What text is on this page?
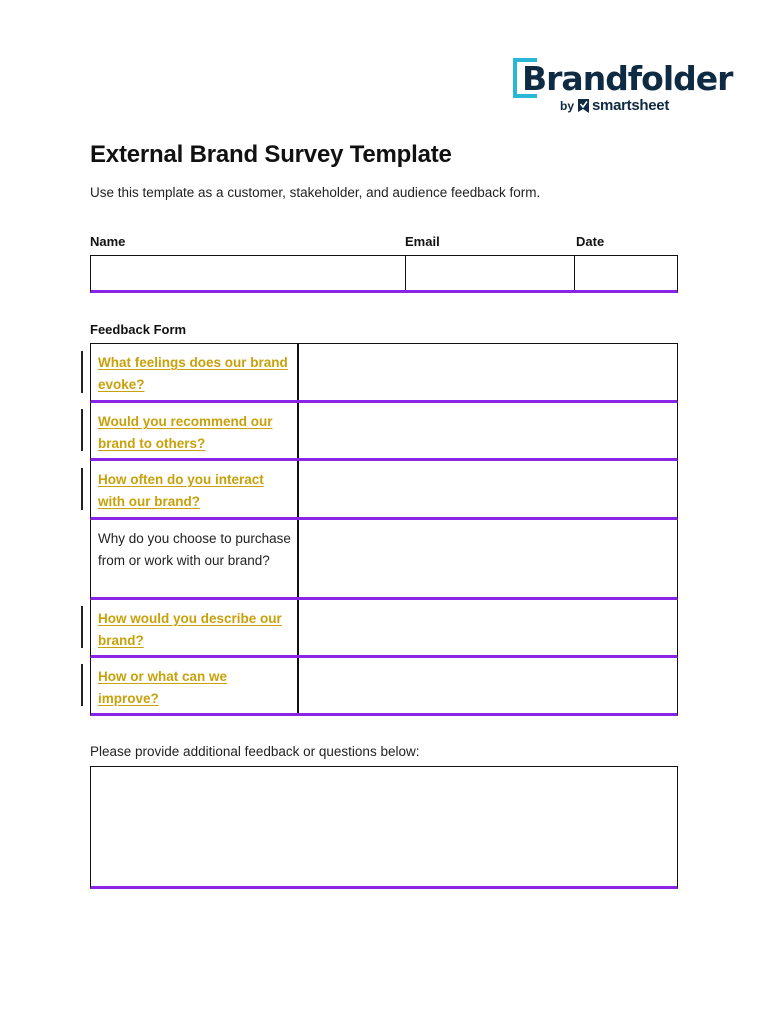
Brandfolder
by smartsheet
External Brand Survey Template

Use this template as a customer, stakeholder, and audience feedback form.

Name	Email	Date
Feedback Form
What feelings does our brand evoke?
Would you recommend our brand to others?
How often do you interact with our brand?
Why do you choose to purchase from or work with our brand?
How would you describe our brand?
How or what can we improve?
Please provide additional feedback or questions below:
